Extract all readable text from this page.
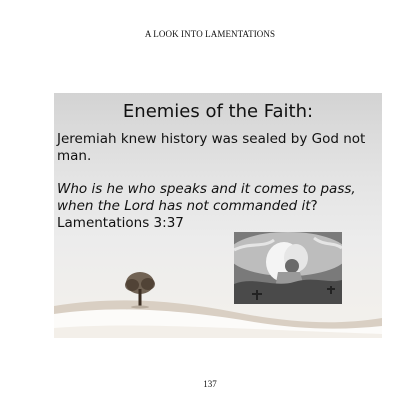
A LOOK INTO LAMENTATIONS
Enemies of the Faith:

Jeremiah knew history was sealed by God not man.

Who is he who speaks and it comes to pass, when the Lord has not commanded it? Lamentations 3:37

137
